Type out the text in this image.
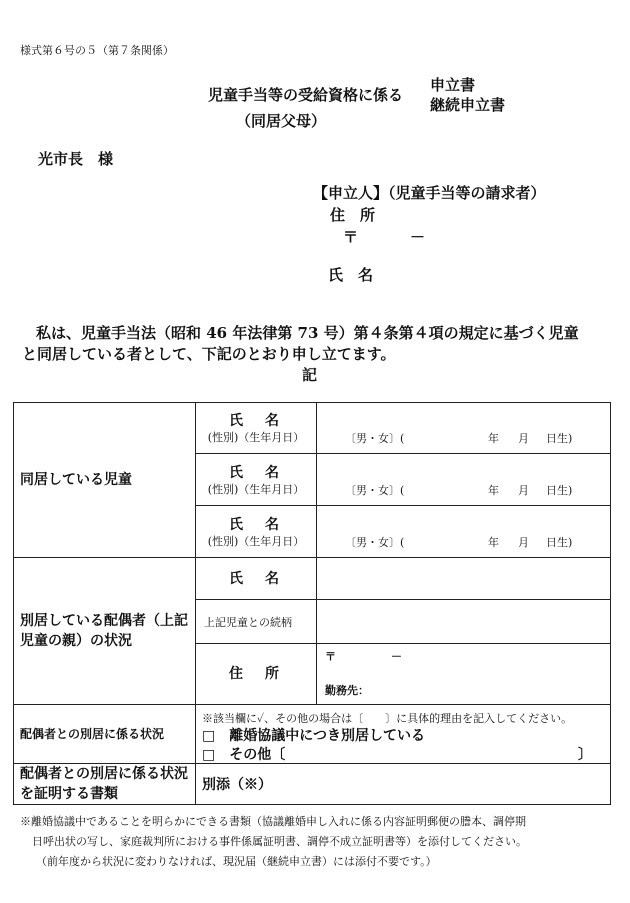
様式第６号の５（第７条関係）
児童手当等の受給資格に係る
申立書
継続申立書
（同居父母）
光市長　様
【申立人】（児童手当等の請求者）
住　所
〒	－
氏　名
私は、児童手当法（昭和 46 年法律第 73 号）第４条第４項の規定に基づく児童
と同居している者として、下記のとおり申し立てます。
記
同居している児童	氏　名
(性別)（生年月日）	〔男・女〕( 年 月 日生)

	氏　名
(性別)（生年月日）	〔男・女〕( 年 月 日生)

	氏　名
(性別)（生年月日）	〔男・女〕( 年 月 日生)

別居している配偶者（上記児童の親）の状況	氏　名	

	上記児童との続柄	

	住　所	〒 －
勤務先：

配偶者との別居に係る状況	※該当欄に✓、その他の場合は〔　　〕に具体的理由を記入してください。
□　離婚協議中につき別居している
□　その他〔 〕	

配偶者との別居に係る状況を証明する書類	別添（※）	
※離婚協議中であることを明らかにできる書類（協議離婚申し入れに係る内容証明郵便の謄本、調停期
日呼出状の写し、家庭裁判所における事件係属証明書、調停不成立証明書等）を添付してください。
（前年度から状況に変わりなければ、現況届（継続申立書）には添付不要です。）
